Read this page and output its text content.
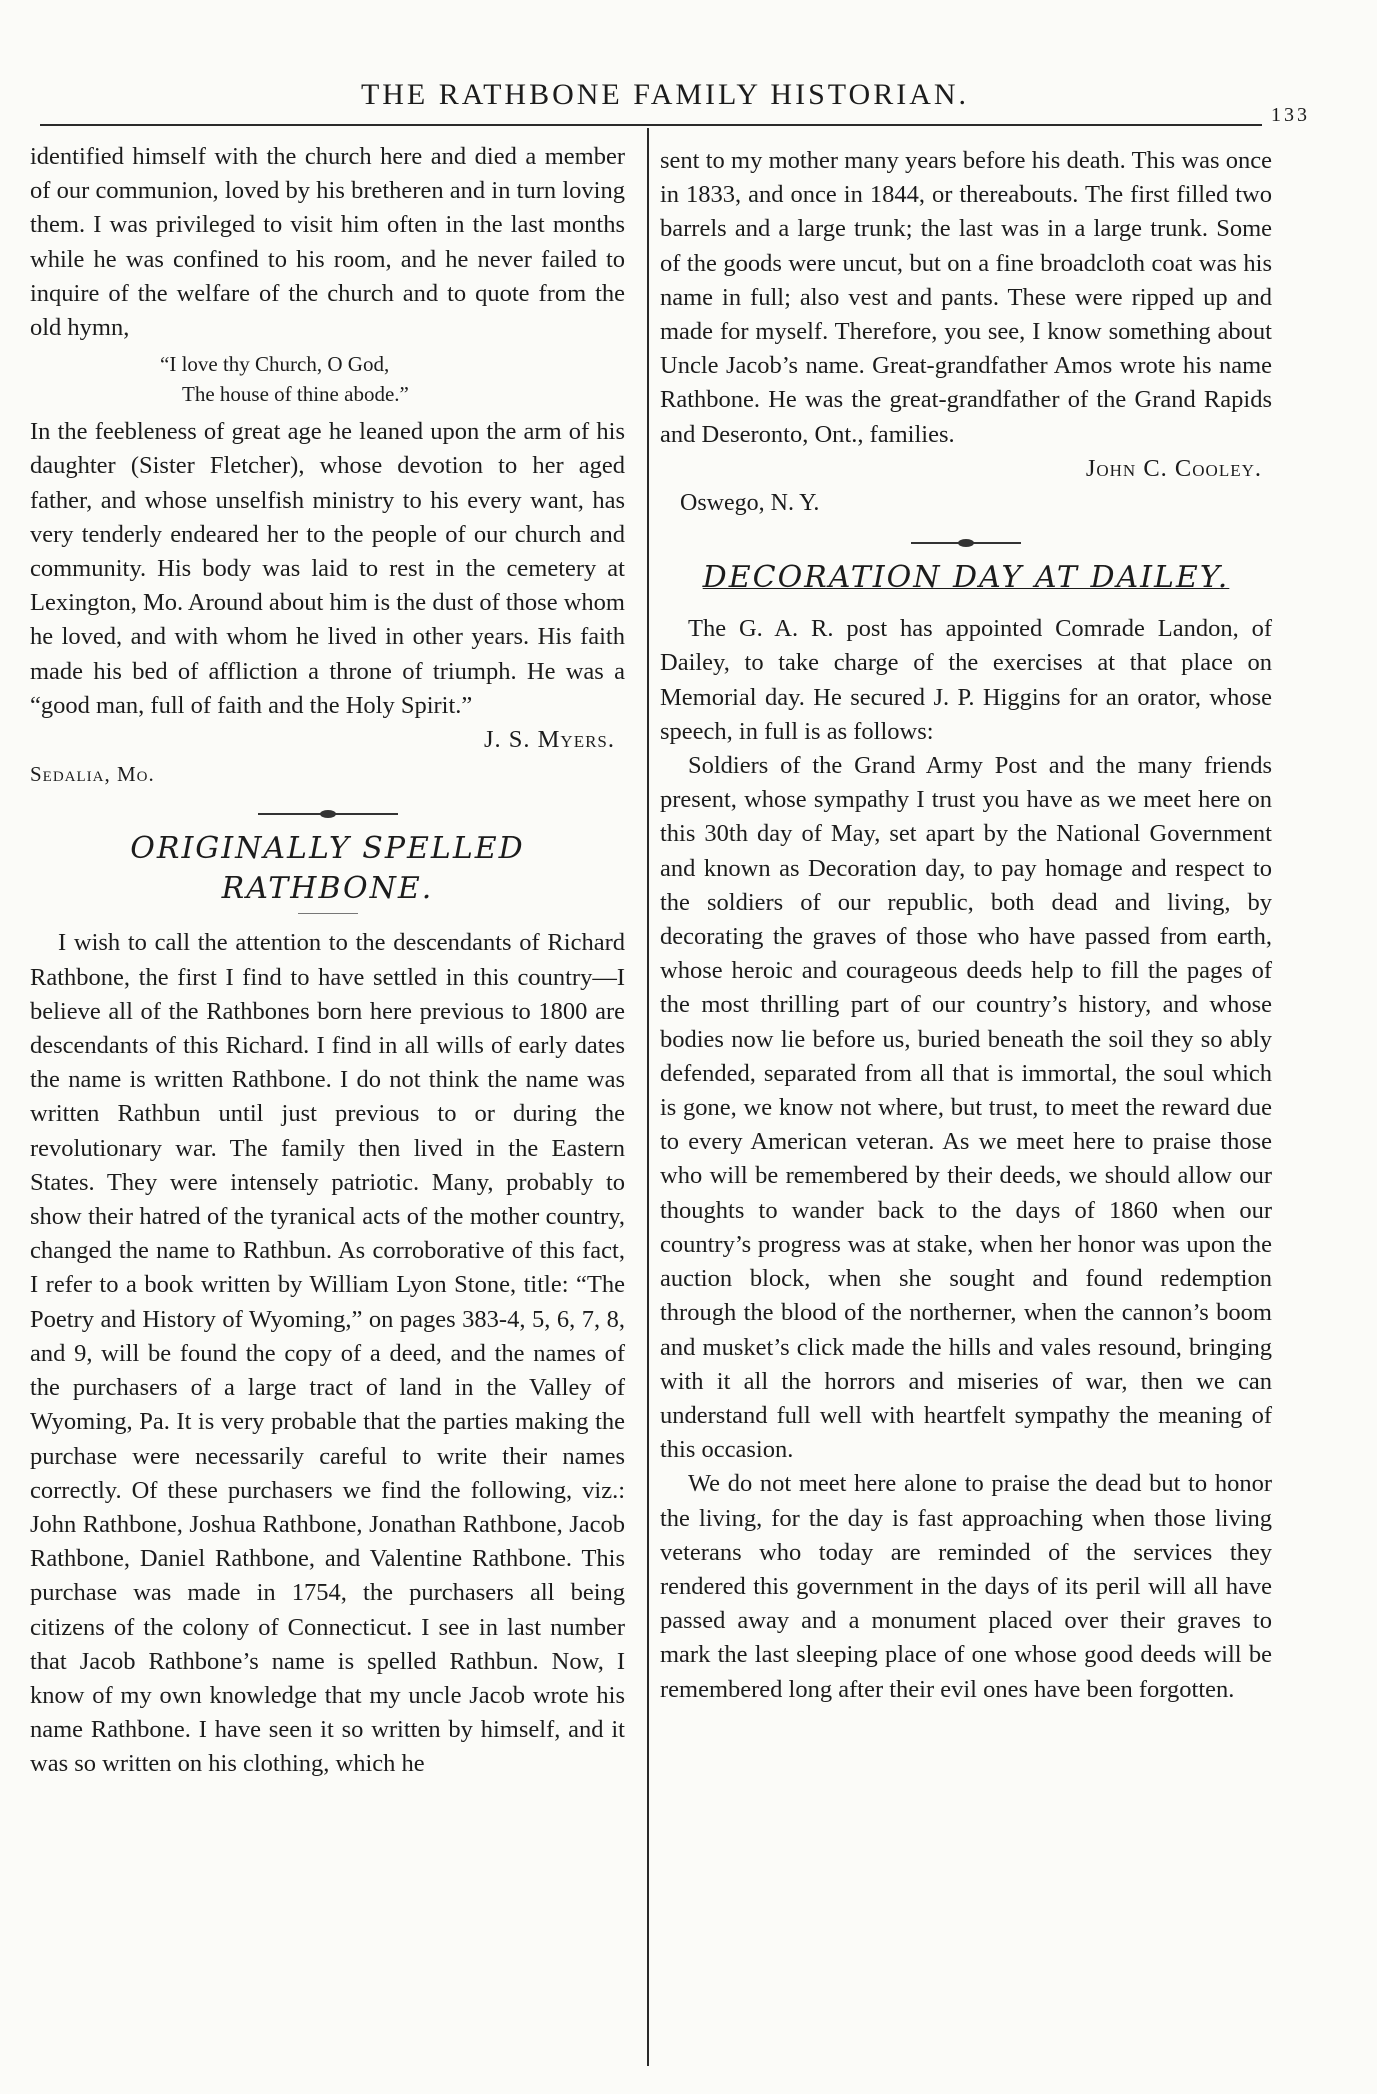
THE RATHBONE FAMILY HISTORIAN.
133

identified himself with the church here and died a member of our communion, loved by his bretheren and in turn loving them. I was privileged to visit him often in the last months while he was confined to his room, and he never failed to inquire of the welfare of the church and to quote from the old hymn,

“I love thy Church, O God,
The house of thine abode.”

In the feebleness of great age he leaned upon the arm of his daughter (Sister Fletcher), whose devotion to her aged father, and whose unselfish ministry to his every want, has very tenderly endeared her to the people of our church and community. His body was laid to rest in the cemetery at Lexington, Mo. Around about him is the dust of those whom he loved, and with whom he lived in other years. His faith made his bed of affliction a throne of triumph. He was a “good man, full of faith and the Holy Spirit.”

J. S. Myers.
Sedalia, Mo.
ORIGINALLY SPELLED RATHBONE.

I wish to call the attention to the descendants of Richard Rathbone, the first I find to have settled in this country—I believe all of the Rathbones born here previous to 1800 are descendants of this Richard. I find in all wills of early dates the name is written Rathbone. I do not think the name was written Rathbun until just previous to or during the revolutionary war. The family then lived in the Eastern States. They were intensely patriotic. Many, probably to show their hatred of the tyranical acts of the mother country, changed the name to Rathbun. As corroborative of this fact, I refer to a book written by William Lyon Stone, title: “The Poetry and History of Wyoming,” on pages 383-4, 5, 6, 7, 8, and 9, will be found the copy of a deed, and the names of the purchasers of a large tract of land in the Valley of Wyoming, Pa. It is very probable that the parties making the purchase were necessarily careful to write their names correctly. Of these purchasers we find the following, viz.: John Rathbone, Joshua Rathbone, Jonathan Rathbone, Jacob Rathbone, Daniel Rathbone, and Valentine Rathbone. This purchase was made in 1754, the purchasers all being citizens of the colony of Connecticut. I see in last number that Jacob Rathbone’s name is spelled Rathbun. Now, I know of my own knowledge that my uncle Jacob wrote his name Rathbone. I have seen it so written by himself, and it was so written on his clothing, which he

sent to my mother many years before his death. This was once in 1833, and once in 1844, or thereabouts. The first filled two barrels and a large trunk; the last was in a large trunk. Some of the goods were uncut, but on a fine broadcloth coat was his name in full; also vest and pants. These were ripped up and made for myself. Therefore, you see, I know something about Uncle Jacob’s name. Great-grandfather Amos wrote his name Rathbone. He was the great-grandfather of the Grand Rapids and Deseronto, Ont., families.

John C. Cooley.
Oswego, N. Y.
DECORATION DAY AT DAILEY.

The G. A. R. post has appointed Comrade Landon, of Dailey, to take charge of the exercises at that place on Memorial day. He secured J. P. Higgins for an orator, whose speech, in full is as follows:

Soldiers of the Grand Army Post and the many friends present, whose sympathy I trust you have as we meet here on this 30th day of May, set apart by the National Government and known as Decoration day, to pay homage and respect to the soldiers of our republic, both dead and living, by decorating the graves of those who have passed from earth, whose heroic and courageous deeds help to fill the pages of the most thrilling part of our country’s history, and whose bodies now lie before us, buried beneath the soil they so ably defended, separated from all that is immortal, the soul which is gone, we know not where, but trust, to meet the reward due to every American veteran. As we meet here to praise those who will be remembered by their deeds, we should allow our thoughts to wander back to the days of 1860 when our country’s progress was at stake, when her honor was upon the auction block, when she sought and found redemption through the blood of the northerner, when the cannon’s boom and musket’s click made the hills and vales resound, bringing with it all the horrors and miseries of war, then we can understand full well with heartfelt sympathy the meaning of this occasion.

We do not meet here alone to praise the dead but to honor the living, for the day is fast approaching when those living veterans who today are reminded of the services they rendered this government in the days of its peril will all have passed away and a monument placed over their graves to mark the last sleeping place of one whose good deeds will be remembered long after their evil ones have been forgotten.
